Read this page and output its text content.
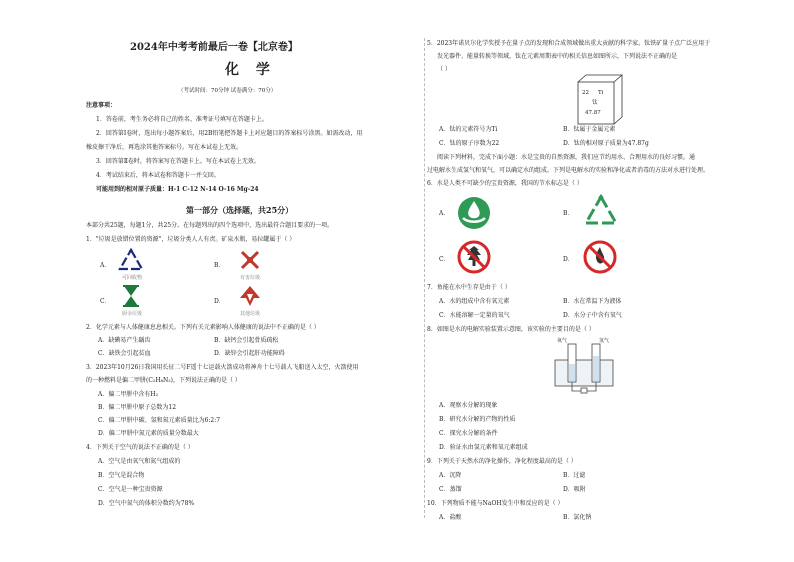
2024年中考考前最后一卷【北京卷】
化 学
（考试时间：70分钟 试卷满分：70分）
注意事项：
1．答卷前，考生务必将自己的姓名、准考证号填写在答题卡上。
2．回答第Ⅰ卷时，选出每小题答案后，用2B铅笔把答题卡上对应题目的答案标号涂黑。如需改动，用
橡皮擦干净后，再选涂其他答案标号。写在本试卷上无效。
3．回答第Ⅱ卷时，将答案写在答题卡上。写在本试卷上无效。
4．考试结束后，将本试卷和答题卡一并交回。
可能用到的相对原子质量：H-1 C-12 N-14 O-16 Mg-24
第一部分（选择题，共25分）
本部分共25题，每题1分，共25分。在每题列出的四个选项中，选出最符合题目要求的一项。
1．"垃圾是放错位置的资源"，垃圾分类人人有责。矿泉水瓶、易拉罐属于（ ）
A．
可回收物
B．
有害垃圾
C．
厨余垃圾
D．
其他垃圾
2．化学元素与人体健康息息相关。下列有关元素影响人体健康的说法中不正确的是（ ）
A．缺碘易产生龋齿	B．缺钙会引起骨质疏松
C．缺铁会引起贫血	D．缺锌会引起肝功能障碍
3．2023年10月26日我国用长征二号F遥十七运载火箭成功将神舟十七号载人飞船送入太空，火箭使用
的一种燃料是偏二甲肼(C₂H₈N₂)，下列说法正确的是（ ）
A．偏二甲肼中含有H₂
B．偏二甲肼中原子总数为12
C．偏二甲肼中碳、氢和氮元素质量比为6:2:7
D．偏二甲肼中氮元素的质量分数最大
4．下列关于空气的说法不正确的是（ ）
A．空气是由氧气和氮气组成的
B．空气是混合物
C．空气是一种宝贵资源
D．空气中氮气的体积分数约为78%
5．2023年诺贝尔化学奖授予在量子点的发现和合成领域做出重大贡献的科学家。钛铁矿量子点广泛应用于
发光器件、能量转换等领域，钛在元素周期表中的相关信息如图所示，下列说法不正确的是
（ ）
22 Ti
钛
47.87
A．钛的元素符号为Ti	B．钛属于金属元素
C．钛的原子序数为22	D．钛的相对原子质量为47.87g
阅读下列材料，完成下面小题：水是宝贵的自然资源，我们应节约用水、合理用水的良好习惯。通
过电解水生成氢气和氧气，可以确定水的组成。下列是电解水的实验和净化或者消毒的方法对水进行处理。
6．水是人类不可缺少的宝贵资源，我国的节水标志是（ ）
A．	B．
C．	D．
7．鱼能在水中生存是由于（ ）
A．水的组成中含有氧元素	B．水在常温下为液体
C．水能溶解一定量的氧气	D．水分子中含有氧气
8．如图是水的电解实验装置示意图，该实验的主要目的是（ ）
氧气	氢气
A．观察水分解的现象
B．研究水分解的产物的性质
C．探究水分解的条件
D．验证水由氢元素和氧元素组成
9．下列关于天然水的净化操作，净化程度最高的是（ ）
A．沉降	B．过滤
C．蒸馏	D．吸附
10．下列物质不能与NaOH发生中和反应的是（ ）
A．盐酸	B．氯化钠
